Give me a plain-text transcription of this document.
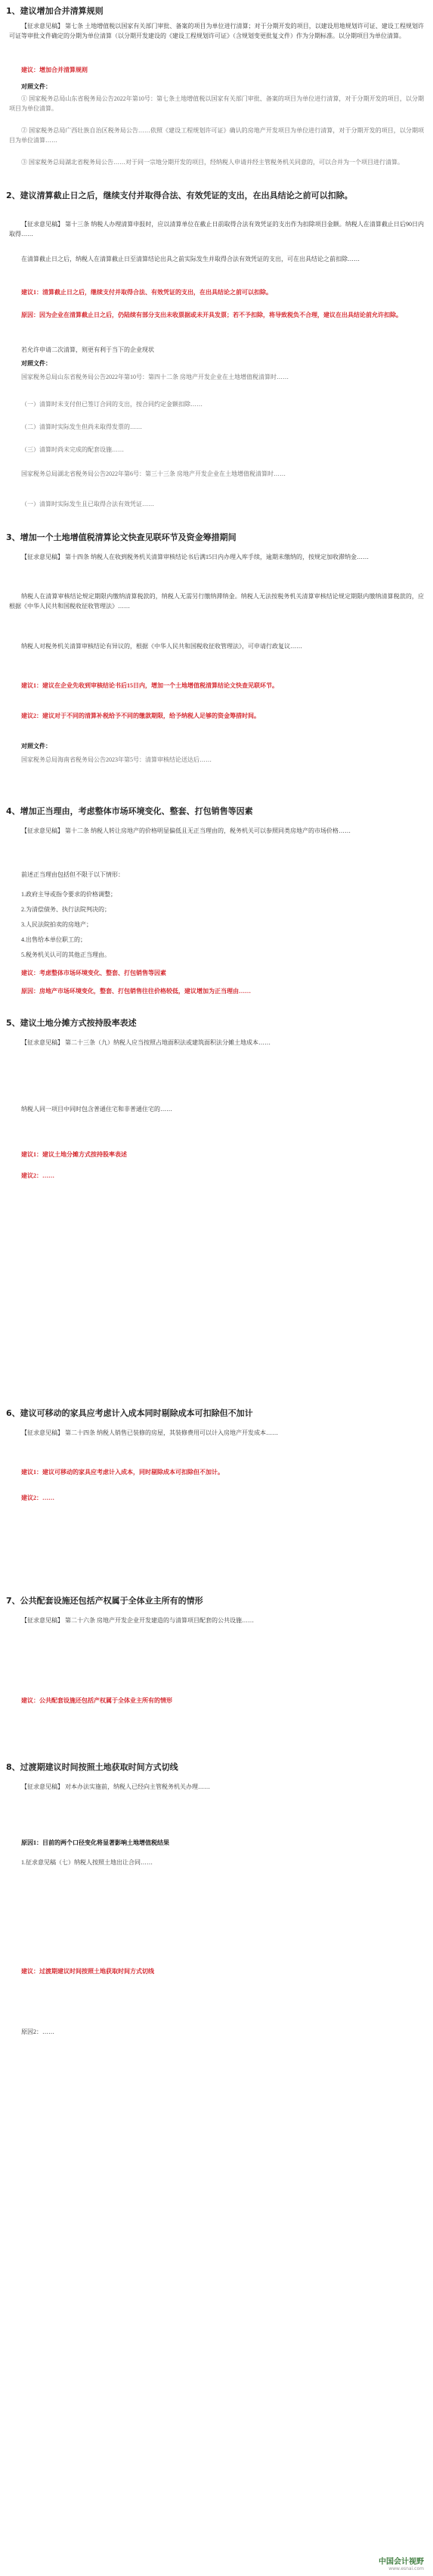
1、建议增加合并清算规则
【征求意见稿】 第七条 土地增值税以国家有关部门审批、备案的项目为单位进行清算；对于分期开发的项目，以建设用地规划许可证、建设工程规划许可证等审批文件确定的分期为单位清算（以分期开发建设的《建设工程规划许可证》（含规划变更批复文件）作为分期标准。以分期项目为单位清算。
建议：增加合并清算规则
对照文件：
① 国家税务总局山东省税务局公告2022年第10号：第七条土地增值税以国家有关部门审批、备案的项目为单位进行清算，对于分期开发的项目，以分期项目为单位清算。
② 国家税务总局广西壮族自治区税务局公告……依照《建设工程规划许可证》确认的房地产开发项目为单位进行清算，对于分期开发的项目，以分期项目为单位清算……
③ 国家税务总局湖北省税务局公告……对于同一宗地分期开发的项目，经纳税人申请并经主管税务机关同意的，可以合并为一个项目进行清算。
2、建议清算截止日之后，继续支付并取得合法、有效凭证的支出，在出具结论之前可以扣除。
【征求意见稿】 第十三条 纳税人办理清算申报时，应以清算单位在截止日前取得合法有效凭证的支出作为扣除项目金额。纳税人在清算截止日后90日内取得……
在清算截止日之后，纳税人在清算截止日至清算结论出具之前实际发生并取得合法有效凭证的支出，可在出具结论之前扣除……
建议1：清算截止日之后，继续支付并取得合法、有效凭证的支出，在出具结论之前可以扣除。
原因：因为企业在清算截止日之后，仍陆续有部分支出未收票据或未开具发票；若不予扣除，将导致税负不合理，建议在出具结论前允许扣除。
若允许申请二次清算，则更有利于当下的企业现状
对照文件：
国家税务总局山东省税务局公告2022年第10号：第四十二条 房地产开发企业在土地增值税清算时……
（一）清算时未支付但已签订合同的支出，按合同约定金额扣除……
（二）清算时实际发生但尚未取得发票的……
（三）清算时尚未完成的配套设施……
国家税务总局湖北省税务局公告2022年第6号：第三十三条 房地产开发企业在土地增值税清算时……
（一）清算时实际发生且已取得合法有效凭证……
3、增加一个土地增值税清算论文快查见联环节及资金筹措期间
【征求意见稿】 第十四条 纳税人在收到税务机关清算审核结论书后满15日内办理入库手续，逾期未缴纳的，按规定加收滞纳金……
纳税人在清算审核结论规定期限内缴纳清算税款的，纳税人无需另行缴纳滞纳金。纳税人无法按税务机关清算审核结论规定期限内缴纳清算税款的，应根据《中华人民共和国税收征收管理法》……
纳税人对税务机关清算审核结论有异议的，根据《中华人民共和国税收征收管理法》，可申请行政复议……
建议1：建议在企业先收到审核结论书后15日内，增加一个土地增值税清算结论文快查见联环节。
建议2：建议对于不同的清算补税给予不同的缴款期限，给予纳税人足够的资金筹措时间。
对照文件：
国家税务总局海南省税务局公告2023年第5号：清算审核结论送达后……
4、增加正当理由，考虑整体市场环境变化、整套、打包销售等因素
【征求意见稿】 第十二条 纳税人转让房地产的价格明显偏低且无正当理由的，税务机关可以参照同类房地产的市场价格……
前述正当理由包括但不限于以下情形：
1.政府主导或指令要求的价格调整；
2.为清偿债务、执行法院判决的；
3.人民法院拍卖的房地产；
4.出售给本单位职工的；
5.税务机关认可的其他正当理由。
建议：考虑整体市场环境变化、整套、打包销售等因素
原因：房地产市场环境变化，整套、打包销售往往价格较低，建议增加为正当理由……
5、建议土地分摊方式按持股率表述
【征求意见稿】 第二十三条（九）纳税人应当按照占地面积法或建筑面积法分摊土地成本……
纳税人同一项目中同时包含普通住宅和非普通住宅的……
建议1：建议土地分摊方式按持股率表述
建议2：……
6、建议可移动的家具应考虑计入成本同时剔除成本可扣除但不加计
【征求意见稿】 第二十四条 纳税人销售已装修的房屋，其装修费用可以计入房地产开发成本……
建议1：建议可移动的家具应考虑计入成本，同时剔除成本可扣除但不加计。
建议2：……
7、公共配套设施还包括产权属于全体业主所有的情形
【征求意见稿】 第二十六条 房地产开发企业开发建造的与清算项目配套的公共设施……
建议：公共配套设施还包括产权属于全体业主所有的情形
8、过渡期建议时间按照土地获取时间方式切线
【征求意见稿】 对本办法实施前，纳税人已经向主管税务机关办理……
原因1：目前的两个口径变化将显著影响土地增值税结果
1.征求意见稿（七）纳税人按照土地出让合同……
建议：过渡期建议时间按照土地获取时间方式切线
原因2：……
中国会计视野
www.esnai.com
